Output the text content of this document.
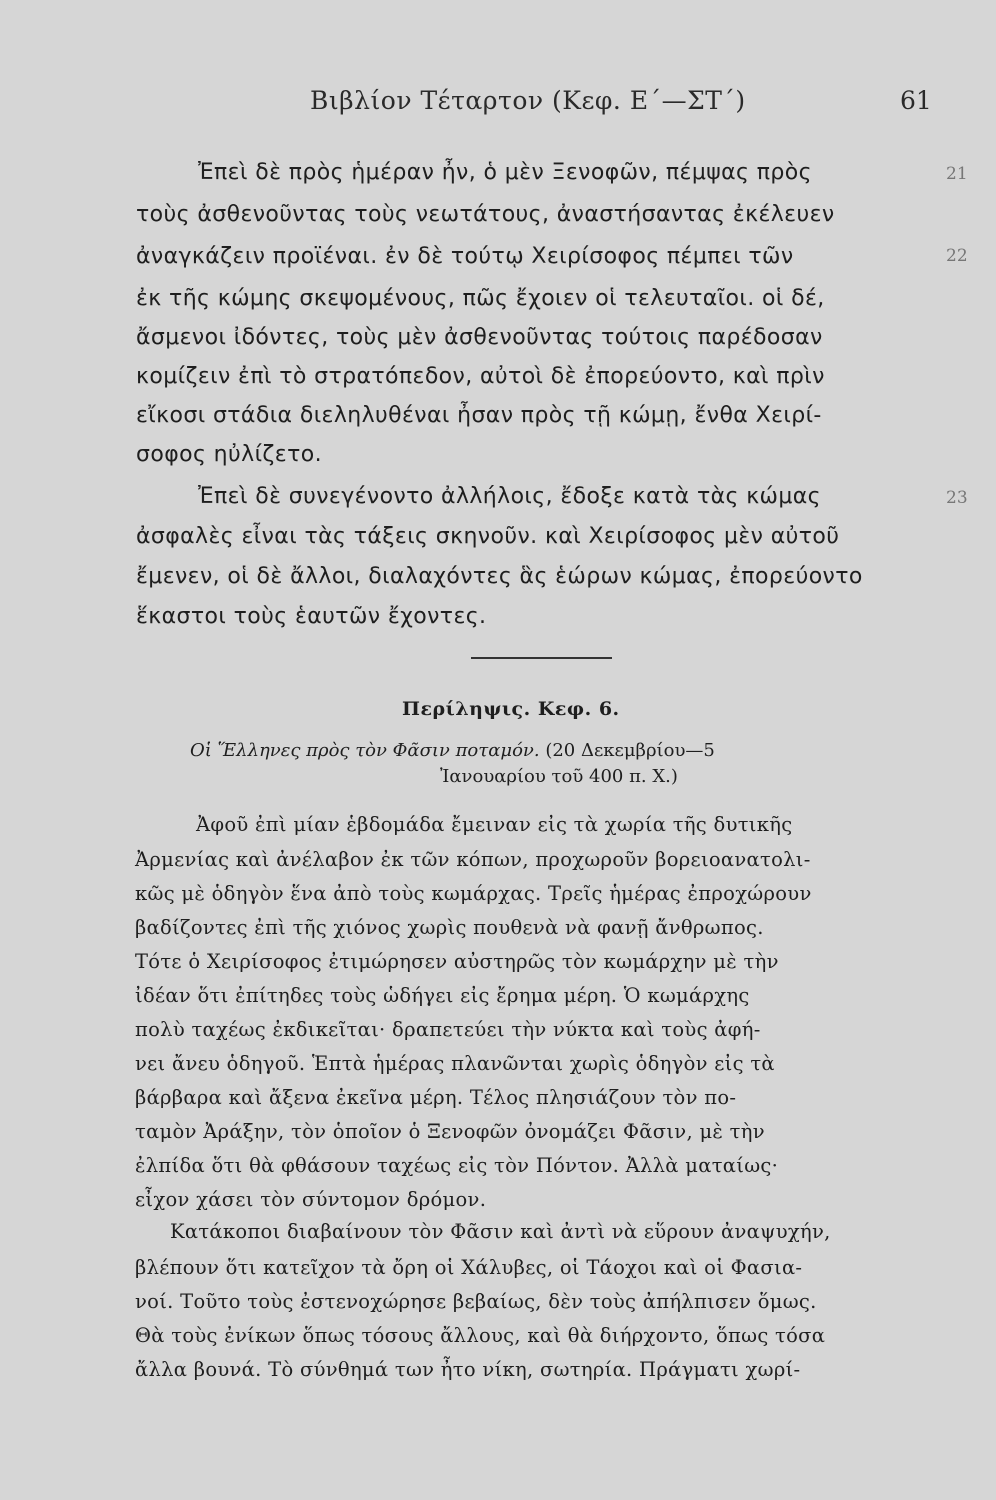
Βιβλίον Τέταρτον (Κεφ. Ε΄—ΣΤ΄)	61
21
22
23
Ἐπεὶ δὲ πρὸς ἡμέραν ἦν, ὁ μὲν Ξενοφῶν, πέμψας πρὸς
τοὺς ἀσθενοῦντας τοὺς νεωτάτους, ἀναστήσαντας ἐκέλευεν
ἀναγκάζειν προϊέναι. ἐν δὲ τούτῳ Χειρίσοφος πέμπει τῶν
ἐκ τῆς κώμης σκεψομένους, πῶς ἔχοιεν οἱ τελευταῖοι. οἱ δέ,
ἄσμενοι ἰδόντες, τοὺς μὲν ἀσθενοῦντας τούτοις παρέδοσαν
κομίζειν ἐπὶ τὸ στρατόπεδον, αὐτοὶ δὲ ἐπορεύοντο, καὶ πρὶν
εἴκοσι στάδια διεληλυθέναι ἦσαν πρὸς τῇ κώμῃ, ἔνθα Χειρί-
σοφος ηὐλίζετο.
Ἐπεὶ δὲ συνεγένοντο ἀλλήλοις, ἔδοξε κατὰ τὰς κώμας
ἀσφαλὲς εἶναι τὰς τάξεις σκηνοῦν. καὶ Χειρίσοφος μὲν αὐτοῦ
ἔμενεν, οἱ δὲ ἄλλοι, διαλαχόντες ἃς ἑώρων κώμας, ἐπορεύοντο
ἕκαστοι τοὺς ἑαυτῶν ἔχοντες.
Περίληψις. Κεφ. 6.
Οἱ Ἕλληνες πρὸς τὸν Φᾶσιν ποταμόν. (20 Δεκεμβρίου—5
Ἰανουαρίου τοῦ 400 π. Χ.)
Ἀφοῦ ἐπὶ μίαν ἑβδομάδα ἔμειναν εἰς τὰ χωρία τῆς δυτικῆς
Ἀρμενίας καὶ ἀνέλαβον ἐκ τῶν κόπων, προχωροῦν βορειοανατολι-
κῶς μὲ ὁδηγὸν ἕνα ἀπὸ τοὺς κωμάρχας. Τρεῖς ἡμέρας ἐπροχώρουν
βαδίζοντες ἐπὶ τῆς χιόνος χωρὶς πουθενὰ νὰ φανῇ ἄνθρωπος.
Τότε ὁ Χειρίσοφος ἐτιμώρησεν αὐστηρῶς τὸν κωμάρχην μὲ τὴν
ἰδέαν ὅτι ἐπίτηδες τοὺς ὡδήγει εἰς ἔρημα μέρη. Ὁ κωμάρχης
πολὺ ταχέως ἐκδικεῖται· δραπετεύει τὴν νύκτα καὶ τοὺς ἀφή-
νει ἄνευ ὁδηγοῦ. Ἑπτὰ ἡμέρας πλανῶνται χωρὶς ὁδηγὸν εἰς τὰ
βάρβαρα καὶ ἄξενα ἐκεῖνα μέρη. Τέλος πλησιάζουν τὸν πο-
ταμὸν Ἀράξην, τὸν ὁποῖον ὁ Ξενοφῶν ὀνομάζει Φᾶσιν, μὲ τὴν
ἐλπίδα ὅτι θὰ φθάσουν ταχέως εἰς τὸν Πόντον. Ἀλλὰ ματαίως·
εἶχον χάσει τὸν σύντομον δρόμον.
Κατάκοποι διαβαίνουν τὸν Φᾶσιν καὶ ἀντὶ νὰ εὕρουν ἀναψυχήν,
βλέπουν ὅτι κατεῖχον τὰ ὄρη οἱ Χάλυβες, οἱ Τάοχοι καὶ οἱ Φασια-
νοί. Τοῦτο τοὺς ἐστενοχώρησε βεβαίως, δὲν τοὺς ἀπήλπισεν ὅμως.
Θὰ τοὺς ἐνίκων ὅπως τόσους ἄλλους, καὶ θὰ διήρχοντο, ὅπως τόσα
ἄλλα βουνά. Τὸ σύνθημά των ἦτο νίκη, σωτηρία. Πράγματι χωρί-
